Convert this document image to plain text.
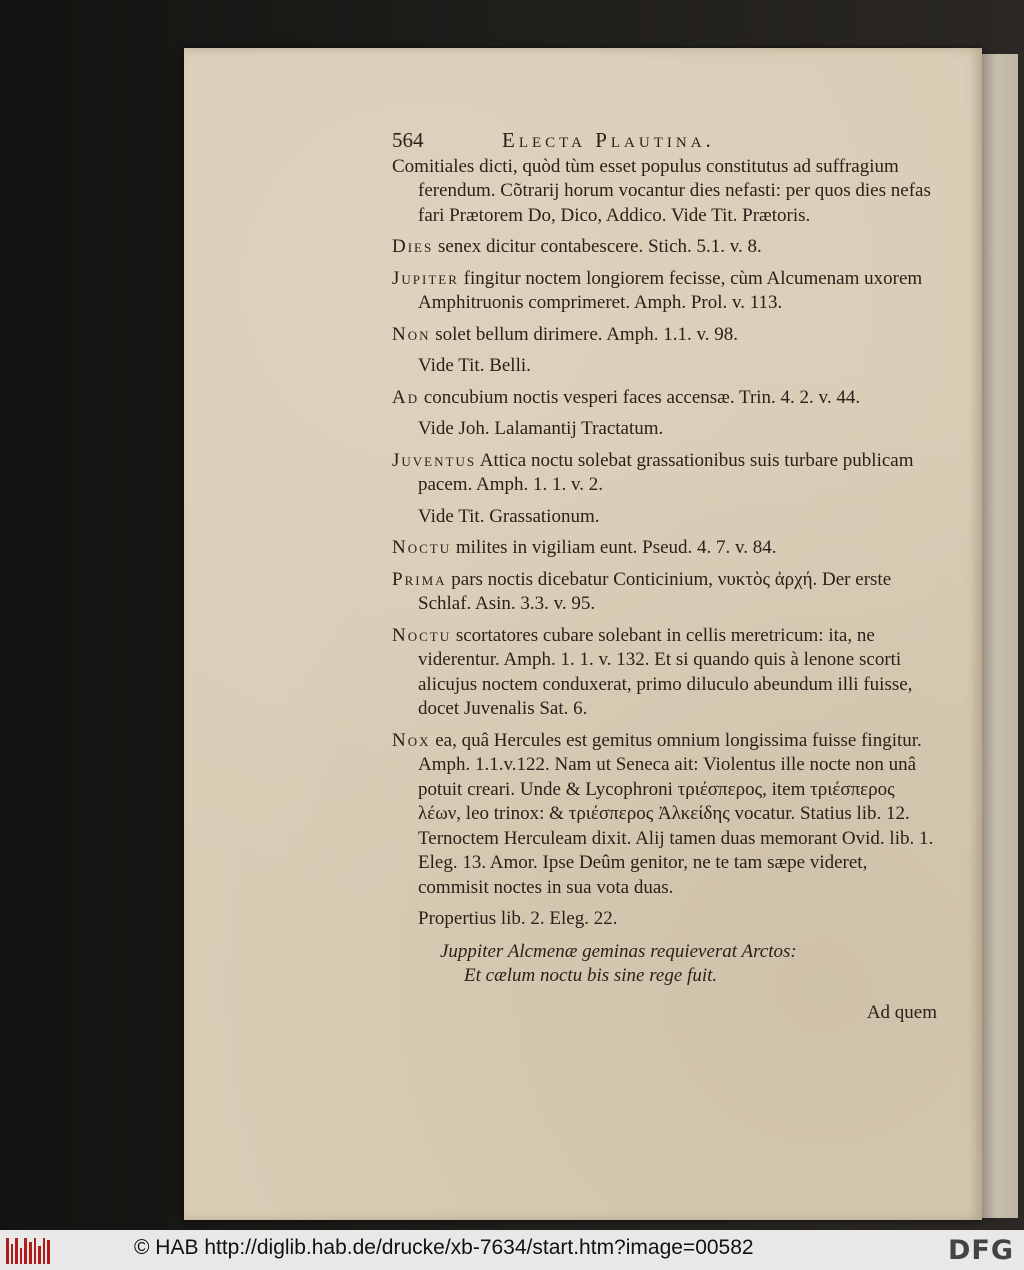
564	Electa Plautina.
Comitiales dicti, quòd tùm esset populus constitutus ad suffragium ferendum. Cõtrarij horum vocantur dies nefasti: per quos dies nefas fari Prætorem Do, Dico, Addico. Vide Tit. Prætoris.
Dies senex dicitur contabescere. Stich. 5.1. v. 8.
Jupiter fingitur noctem longiorem fecisse, cùm Alcumenam uxorem Amphitruonis comprimeret. Amph. Prol. v. 113.
Non solet bellum dirimere. Amph. 1.1. v. 98.
Vide Tit. Belli.
Ad concubium noctis vesperi faces accensæ. Trin. 4. 2. v. 44.
Vide Joh. Lalamantij Tractatum.
Juventus Attica noctu solebat grassationibus suis turbare publicam pacem. Amph. 1. 1. v. 2.
Vide Tit. Grassationum.
Noctu milites in vigiliam eunt. Pseud. 4. 7. v. 84.
Prima pars noctis dicebatur Conticinium, νυκτὸς ἀρχή. Der erste Schlaf. Asin. 3.3. v. 95.
Noctu scortatores cubare solebant in cellis meretricum: ita, ne viderentur. Amph. 1. 1. v. 132. Et si quando quis à lenone scorti alicujus noctem conduxerat, primo diluculo abeundum illi fuisse, docet Juvenalis Sat. 6.
Nox ea, quâ Hercules est gemitus omnium longissima fuisse fingitur. Amph. 1.1.v.122. Nam ut Seneca ait: Violentus ille nocte non unâ potuit creari. Unde & Lycophroni τριέσπερος, item τριέσπερος λέων, leo trinox: & τριέσπερος Ἀλκείδης vocatur. Statius lib. 12. Ternoctem Herculeam dixit. Alij tamen duas memorant Ovid. lib. 1. Eleg. 13. Amor. Ipse Deûm genitor, ne te tam sæpe videret, commisit noctes in sua vota duas.
Propertius lib. 2. Eleg. 22.
Juppiter Alcmenæ geminas requieverat Arctos:
Et cælum noctu bis sine rege fuit.
Ad quem
© HAB http://diglib.hab.de/drucke/xb-7634/start.htm?image=00582	DFG
